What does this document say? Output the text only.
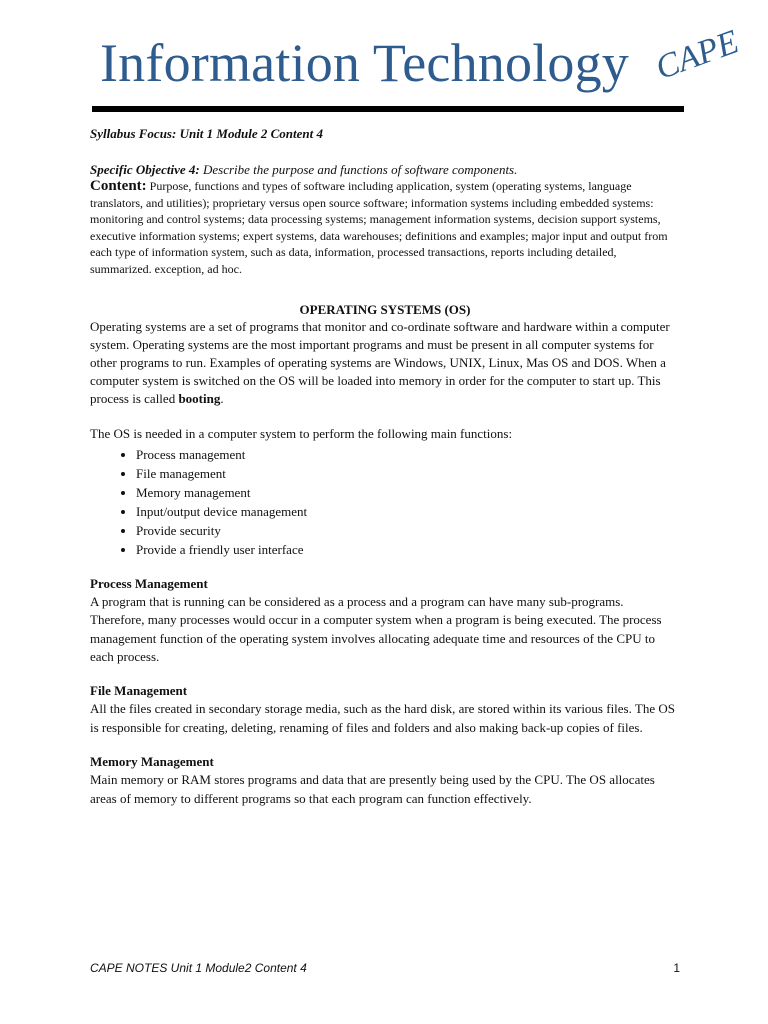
Information Technology CAPE

Syllabus Focus: Unit 1 Module 2 Content 4

Specific Objective 4: Describe the purpose and functions of software components.

Content: Purpose, functions and types of software including application, system (operating systems, language translators, and utilities); proprietary versus open source software; information systems including embedded systems: monitoring and control systems; data processing systems; management information systems, decision support systems, executive information systems; expert systems, data warehouses; definitions and examples; major input and output from each type of information system, such as data, information, processed transactions, reports including detailed, summarized. exception, ad hoc.

OPERATING SYSTEMS (OS)

Operating systems are a set of programs that monitor and co-ordinate software and hardware within a computer system. Operating systems are the most important programs and must be present in all computer systems for other programs to run. Examples of operating systems are Windows, UNIX, Linux, Mas OS and DOS. When a computer system is switched on the OS will be loaded into memory in order for the computer to start up. This process is called booting.

The OS is needed in a computer system to perform the following main functions:

• Process management
• File management
• Memory management
• Input/output device management
• Provide security
• Provide a friendly user interface

Process Management

A program that is running can be considered as a process and a program can have many sub-programs. Therefore, many processes would occur in a computer system when a program is being executed. The process management function of the operating system involves allocating adequate time and resources of the CPU to each process.

File Management

All the files created in secondary storage media, such as the hard disk, are stored within its various files. The OS is responsible for creating, deleting, renaming of files and folders and also making back-up copies of files.

Memory Management

Main memory or RAM stores programs and data that are presently being used by the CPU. The OS allocates areas of memory to different programs so that each program can function effectively.

CAPE NOTES Unit 1 Module2 Content 4	1
